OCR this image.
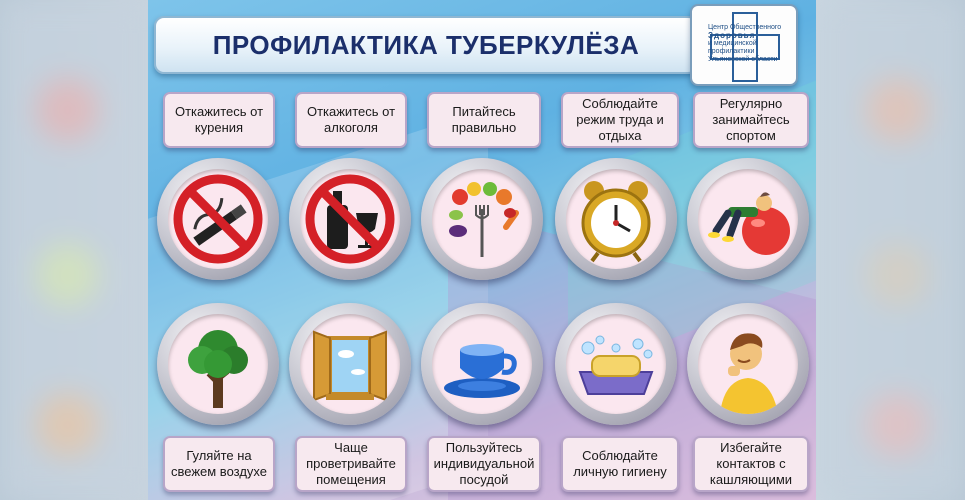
ПРОФИЛАКТИКА ТУБЕРКУЛЁЗА
Центр Общественного
Здоровья
и медицинской профилактики
Ульяновской области
Откажитесь от курения
Откажитесь от алкоголя
Питайтесь правильно
Соблюдайте режим труда и отдыха
Регулярно занимайтесь спортом
Гуляйте на свежем воздухе
Чаще проветривайте помещения
Пользуйтесь индивидуальной посудой
Соблюдайте личную гигиену
Избегайте контактов с кашляющими
